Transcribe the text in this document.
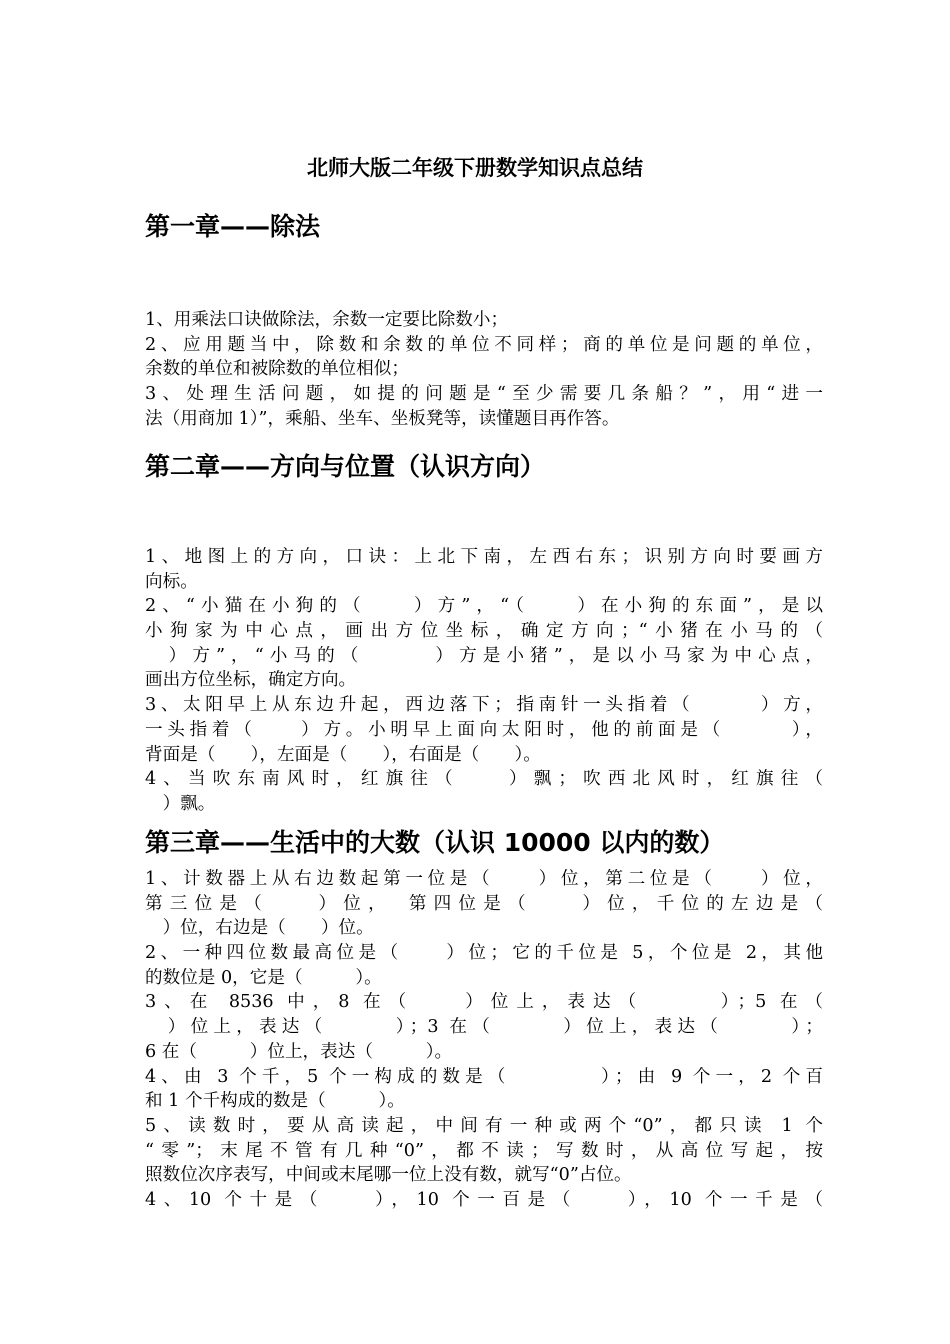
北师大版二年级下册数学知识点总结
第一章——除法
1、用乘法口诀做除法，余数一定要比除数小；
2、应用题当中，除数和余数的单位不同样；商的单位是问题的单位，
余数的单位和被除数的单位相似；
3、处理生活问题，如提的问题是“至少需要几条船？”，用“进一
法（用商加 1）”，乘船、坐车、坐板凳等，读懂题目再作答。
第二章——方向与位置（认识方向）
1、地图上的方向，口诀：上北下南，左西右东；识别方向时要画方
向标。
2、“小猫在小狗的（　　）方”，“（　　）在小狗的东面”，是以
小狗家为中心点，画出方位坐标，确定方向；“小猪在小马的（
　）方”，“小马的（　　　）方是小猪”，是以小马家为中心点，
画出方位坐标，确定方向。
3、太阳早上从东边升起，西边落下；指南针一头指着（　　　）方，
一头指着（　　）方。小明早上面向太阳时，他的前面是（　　　），
背面是（　　），左面是（　　），右面是（　　）。
4、当吹东南风时，红旗往（　　）飘；吹西北风时，红旗往（
　）飘。
第三章——生活中的大数（认识 10000 以内的数）
1、计数器上从右边数起第一位是（　　）位，第二位是（　　）位，
第三位是（　　）位，　第四位是（　　）位，千位的左边是（
　）位，右边是（　　）位。
2、一种四位数最高位是（　　）位；它的千位是 5，个位是 2，其他
的数位是 0，它是（　　　）。
3、在 8536 中，8 在（　　）位上，表达（　　　）；5 在（
　）位上，表达（　　　）；3 在（　　　）位上，表达（　　　）；
6 在（　　　）位上，表达（　　　）。
4、由 3 个千，5 个一构成的数是（　　　　）；由 9 个一，2 个百
和 1 个千构成的数是（　　　）。
5、读数时，要从高读起，中间有一种或两个“0”，都只读 1 个
“零”；末尾不管有几种“0”，都不读；写数时，从高位写起，按
照数位次序表写，中间或末尾哪一位上没有数，就写“0”占位。
4、10 个十是（　　），10 个一百是（　　），10 个一千是（
